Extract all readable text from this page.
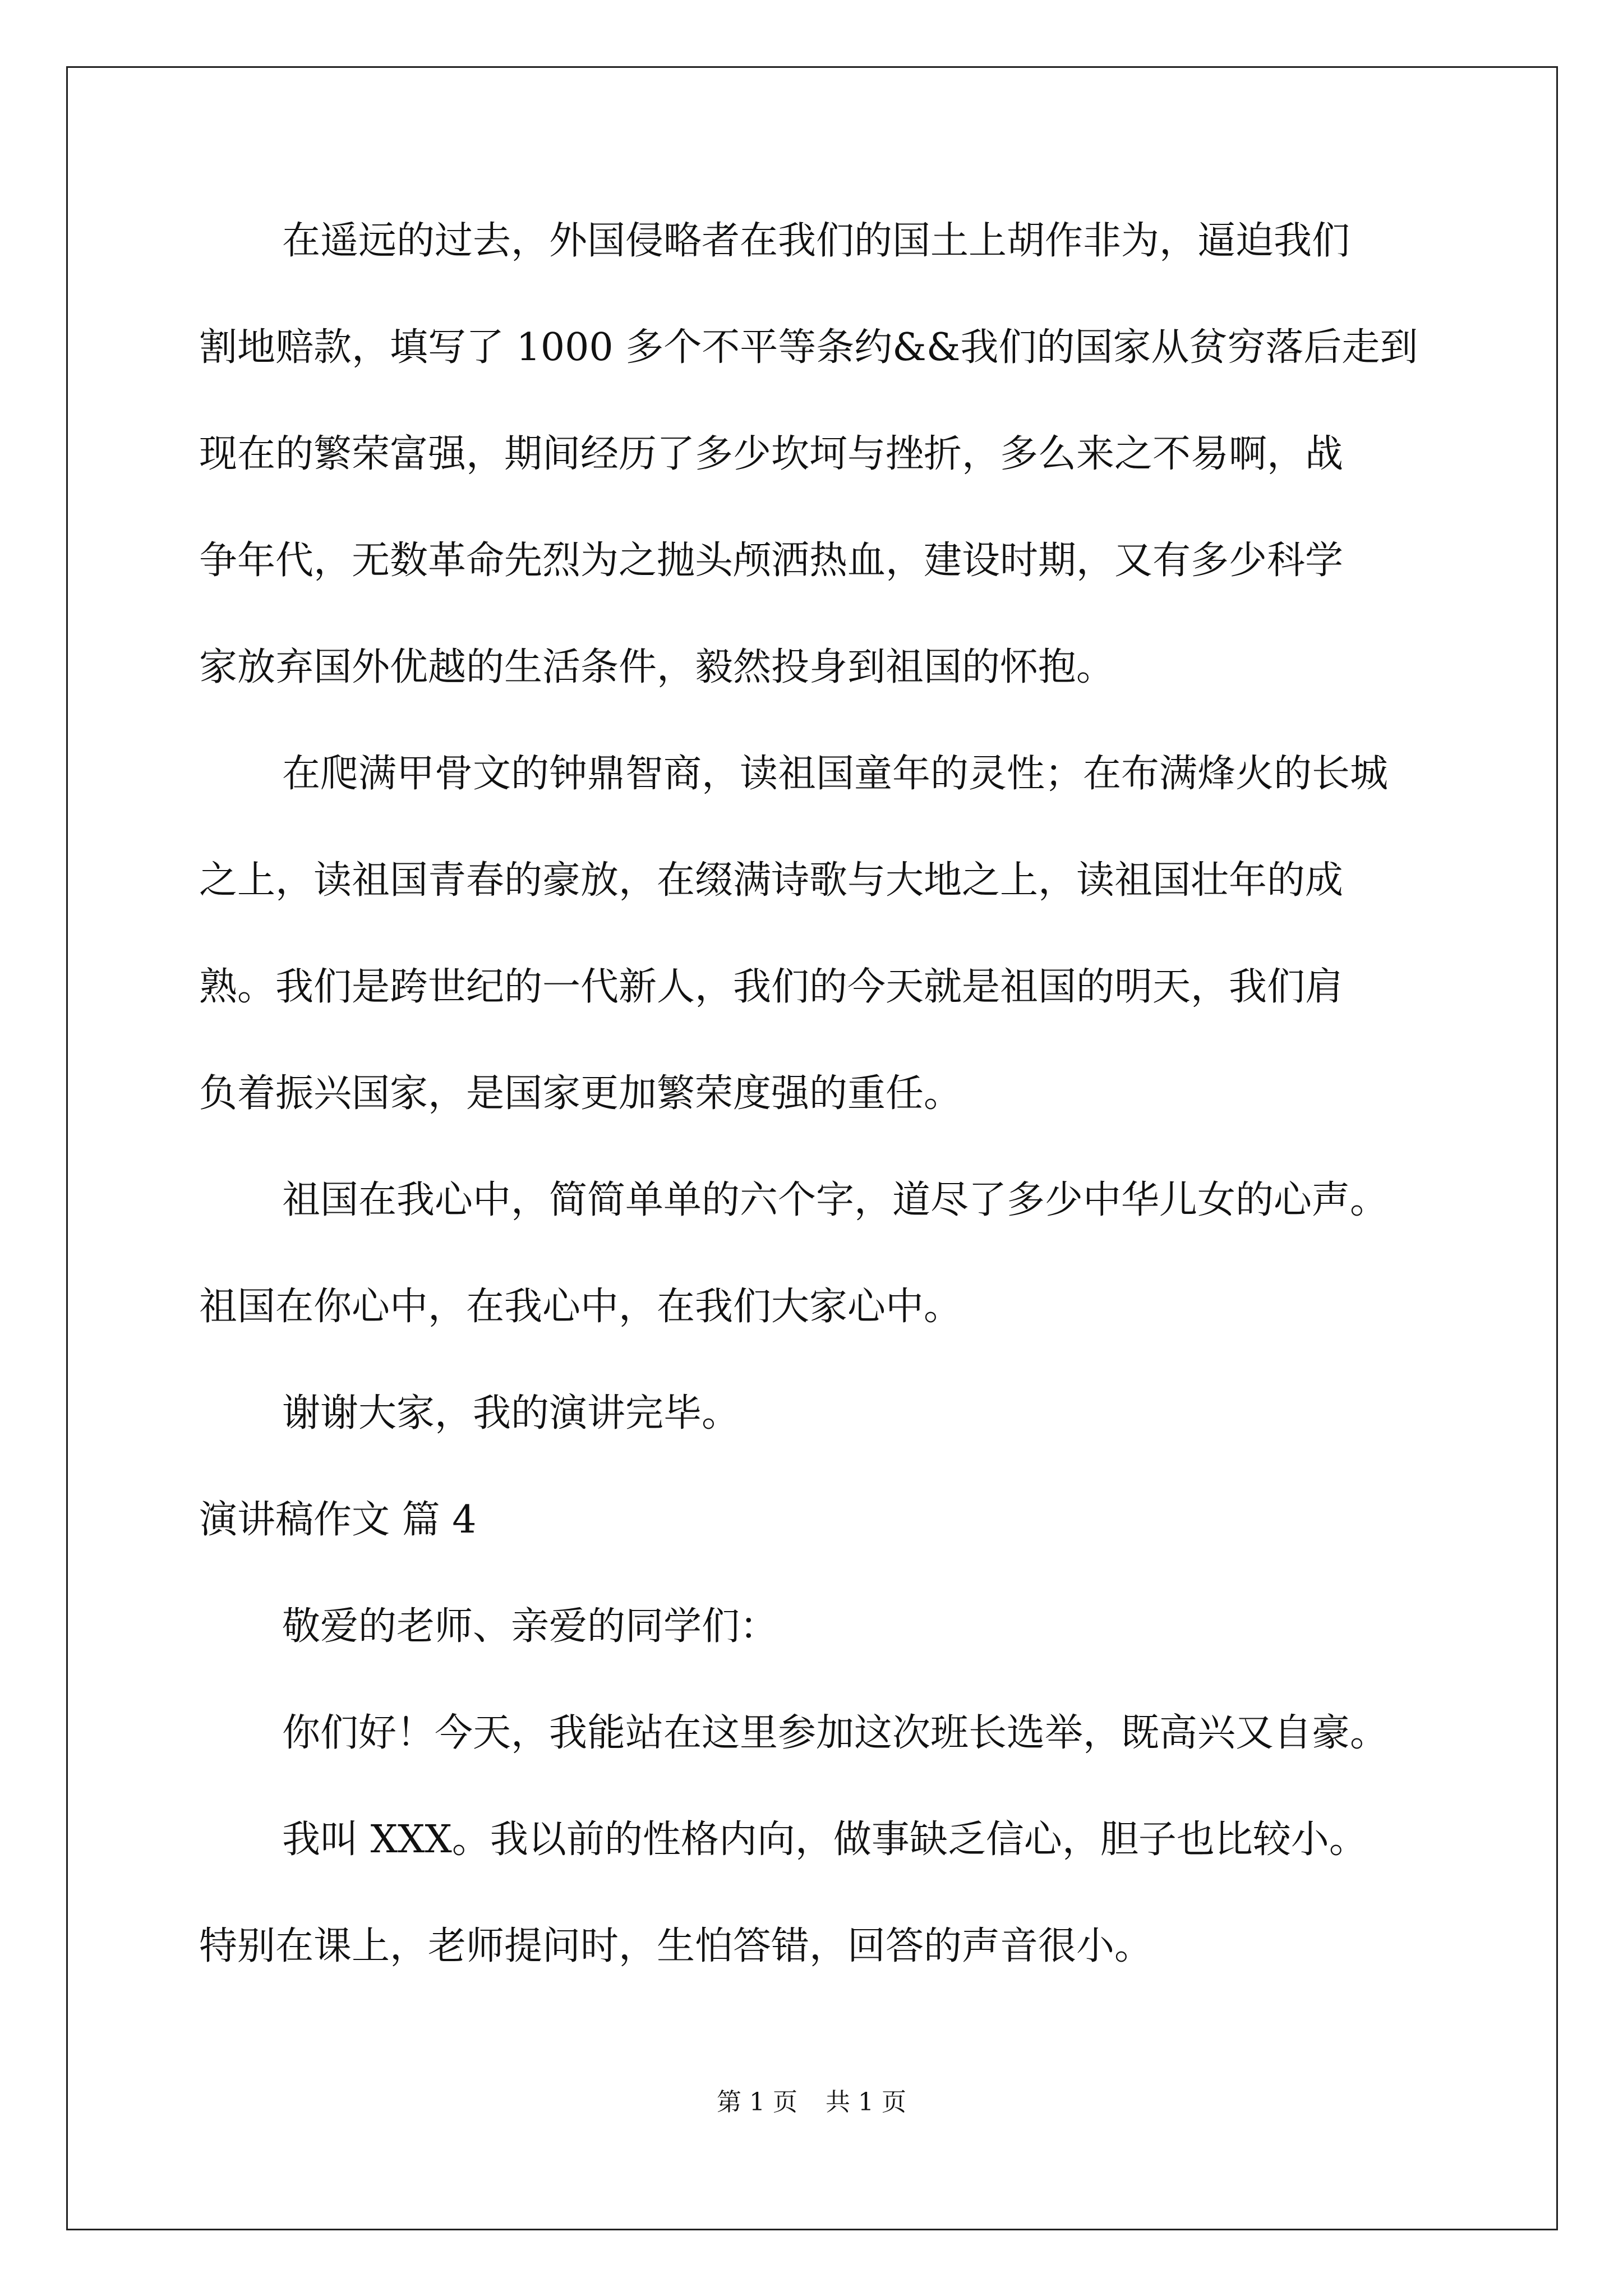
在遥远的过去，外国侵略者在我们的国土上胡作非为，逼迫我们
割地赔款，填写了 1000 多个不平等条约&&我们的国家从贫穷落后走到
现在的繁荣富强，期间经历了多少坎坷与挫折，多么来之不易啊，战
争年代，无数革命先烈为之抛头颅洒热血，建设时期，又有多少科学
家放弃国外优越的生活条件，毅然投身到祖国的怀抱。
在爬满甲骨文的钟鼎智商，读祖国童年的灵性；在布满烽火的长城
之上，读祖国青春的豪放，在缀满诗歌与大地之上，读祖国壮年的成
熟。我们是跨世纪的一代新人，我们的今天就是祖国的明天，我们肩
负着振兴国家，是国家更加繁荣度强的重任。
祖国在我心中，简简单单的六个字，道尽了多少中华儿女的心声。
祖国在你心中，在我心中，在我们大家心中。
谢谢大家，我的演讲完毕。
演讲稿作文 篇 4
敬爱的老师、亲爱的同学们：
你们好！今天，我能站在这里参加这次班长选举，既高兴又自豪。
我叫 XXX。我以前的性格内向，做事缺乏信心，胆子也比较小。
特别在课上，老师提问时，生怕答错，回答的声音很小。
第 1 页 共 1 页
